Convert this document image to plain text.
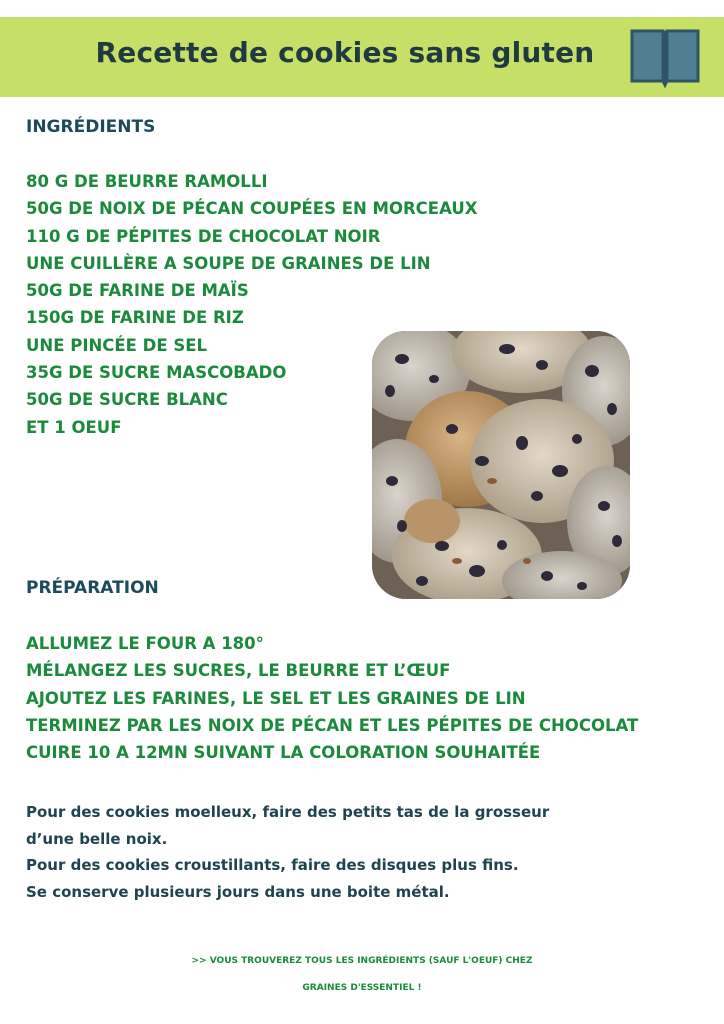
Recette de cookies sans gluten
INGRÉDIENTS
80 G DE BEURRE RAMOLLI
50G DE NOIX DE PÉCAN COUPÉES EN MORCEAUX
110 G DE PÉPITES DE CHOCOLAT NOIR
UNE CUILLÈRE A SOUPE DE GRAINES DE LIN
50G DE FARINE DE MAÏS
150G DE FARINE DE RIZ
UNE PINCÉE DE SEL
35G DE SUCRE MASCOBADO
50G DE SUCRE BLANC
ET 1 OEUF
PRÉPARATION
ALLUMEZ LE FOUR A 180°
MÉLANGEZ LES SUCRES, LE BEURRE ET L’ŒUF
AJOUTEZ LES FARINES, LE SEL ET LES GRAINES DE LIN
TERMINEZ PAR LES NOIX DE PÉCAN ET LES PÉPITES DE CHOCOLAT
CUIRE 10 A 12MN SUIVANT LA COLORATION SOUHAITÉE
Pour des cookies moelleux, faire des petits tas de la grosseur
d’une belle noix.
Pour des cookies croustillants, faire des disques plus fins.
Se conserve plusieurs jours dans une boite métal.
>> VOUS TROUVEREZ TOUS LES INGRÉDIENTS (SAUF L'OEUF) CHEZ
GRAINES D'ESSENTIEL !
